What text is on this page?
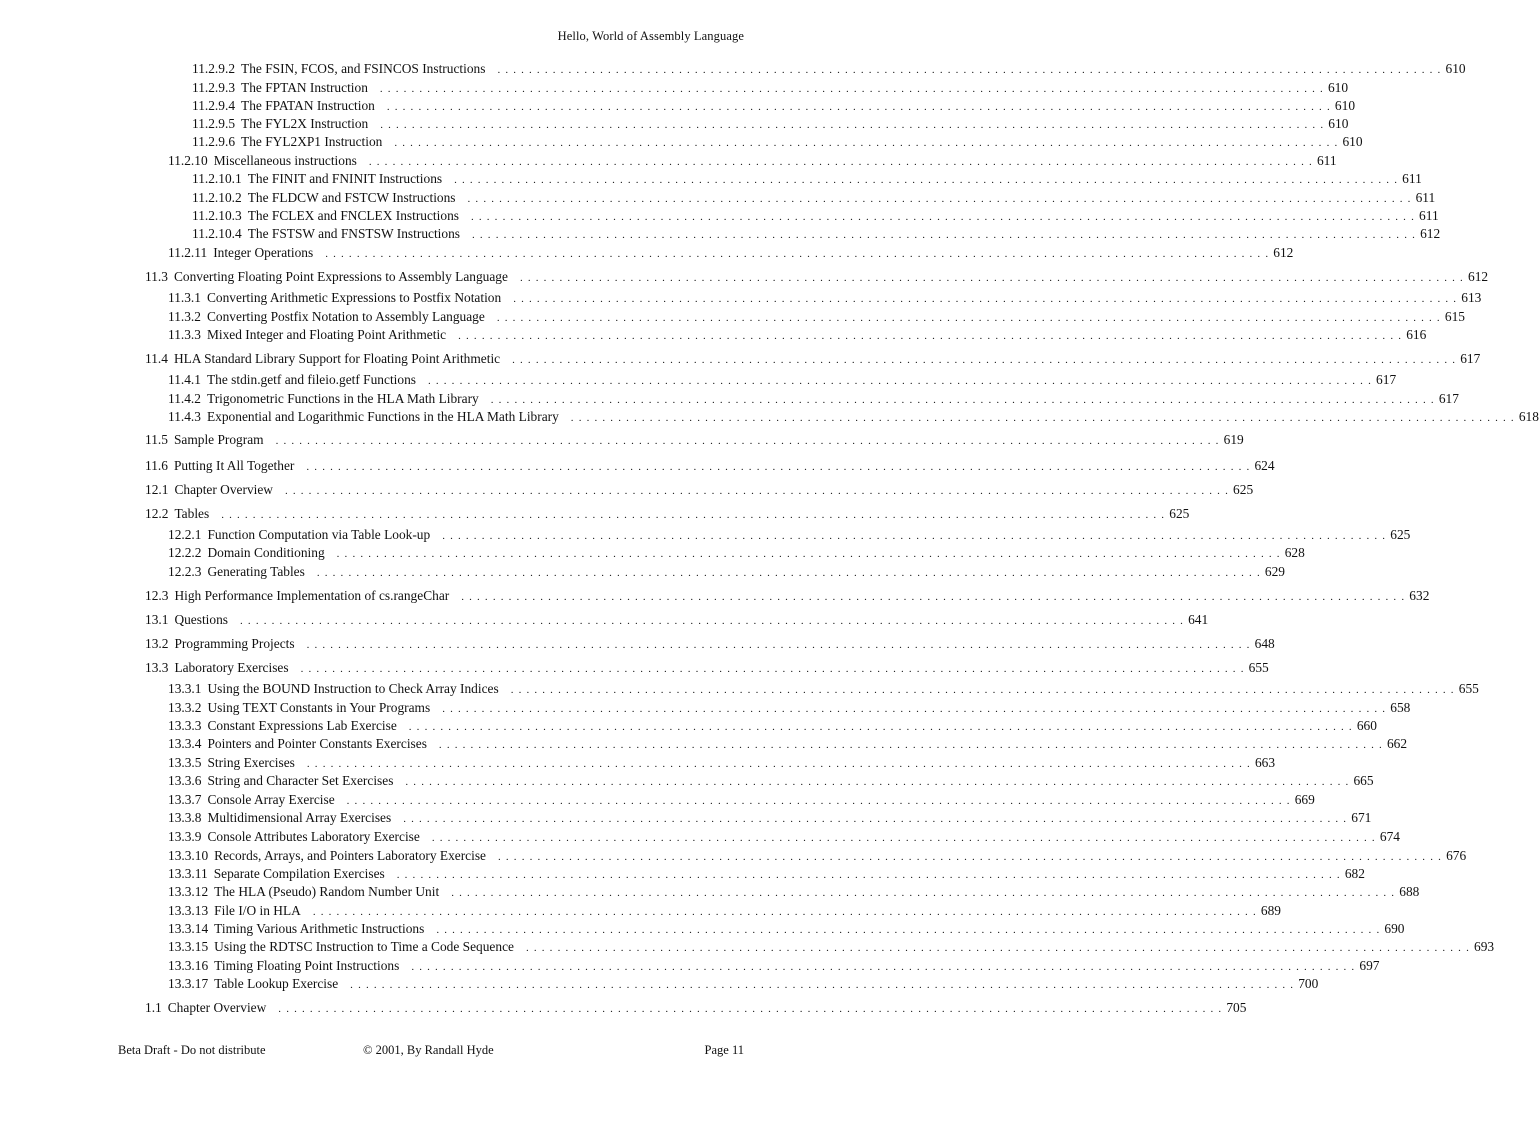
Hello, World of Assembly Language
11.2.9.2 The FSIN, FCOS, and FSINCOS Instructions . . . . . . . . . . . . . . . . . . . . . . . . . . . . . . . . . . . . . . . . . . . . . . . . . . . . . . . . . . . . . . . . . . . . . . . . . . . . . . . . . . . . . . . . . . . . . . . . . . . . . . . . . . . . . . . . . . . . . . . . 610
11.2.9.3 The FPTAN Instruction . . . . . . . . . . . . . . . . . . . . . . . . . . . . . . . . . . . . . . . . . . . . . . . . . . . . . . . . . . . . . . . . . . . . . . . . . . . . . . . . . . . . . . . . . . . . . . . . . . . . . . . . . . . . . . . . . . . . . . . . 610
11.2.9.4 The FPATAN Instruction . . . . . . . . . . . . . . . . . . . . . . . . . . . . . . . . . . . . . . . . . . . . . . . . . . . . . . . . . . . . . . . . . . . . . . . . . . . . . . . . . . . . . . . . . . . . . . . . . . . . . . . . . . . . . . . . . . . . . . . . 610
11.2.9.5 The FYL2X Instruction . . . . . . . . . . . . . . . . . . . . . . . . . . . . . . . . . . . . . . . . . . . . . . . . . . . . . . . . . . . . . . . . . . . . . . . . . . . . . . . . . . . . . . . . . . . . . . . . . . . . . . . . . . . . . . . . . . . . . . . . 610
11.2.9.6 The FYL2XP1 Instruction . . . . . . . . . . . . . . . . . . . . . . . . . . . . . . . . . . . . . . . . . . . . . . . . . . . . . . . . . . . . . . . . . . . . . . . . . . . . . . . . . . . . . . . . . . . . . . . . . . . . . . . . . . . . . . . . . . . . . . . . 610
11.2.10 Miscellaneous instructions . . . . . . . . . . . . . . . . . . . . . . . . . . . . . . . . . . . . . . . . . . . . . . . . . . . . . . . . . . . . . . . . . . . . . . . . . . . . . . . . . . . . . . . . . . . . . . . . . . . . . . . . . . . . . . . . . . . . . . . . 611
11.2.10.1 The FINIT and FNINIT Instructions . . . . . . . . . . . . . . . . . . . . . . . . . . . . . . . . . . . . . . . . . . . . . . . . . . . . . . . . . . . . . . . . . . . . . . . . . . . . . . . . . . . . . . . . . . . . . . . . . . . . . . . . . . . . . . . . . . . . . . . . 611
11.2.10.2 The FLDCW and FSTCW Instructions . . . . . . . . . . . . . . . . . . . . . . . . . . . . . . . . . . . . . . . . . . . . . . . . . . . . . . . . . . . . . . . . . . . . . . . . . . . . . . . . . . . . . . . . . . . . . . . . . . . . . . . . . . . . . . . . . . . . . . . . 611
11.2.10.3 The FCLEX and FNCLEX Instructions . . . . . . . . . . . . . . . . . . . . . . . . . . . . . . . . . . . . . . . . . . . . . . . . . . . . . . . . . . . . . . . . . . . . . . . . . . . . . . . . . . . . . . . . . . . . . . . . . . . . . . . . . . . . . . . . . . . . . . . . 611
11.2.10.4 The FSTSW and FNSTSW Instructions . . . . . . . . . . . . . . . . . . . . . . . . . . . . . . . . . . . . . . . . . . . . . . . . . . . . . . . . . . . . . . . . . . . . . . . . . . . . . . . . . . . . . . . . . . . . . . . . . . . . . . . . . . . . . . . . . . . . . . . . 612
11.2.11 Integer Operations . . . . . . . . . . . . . . . . . . . . . . . . . . . . . . . . . . . . . . . . . . . . . . . . . . . . . . . . . . . . . . . . . . . . . . . . . . . . . . . . . . . . . . . . . . . . . . . . . . . . . . . . . . . . . . . . . . . . . . . . 612
11.3 Converting Floating Point Expressions to Assembly Language . . . . . . . . . . . . . . . . . . . . . . . . . . . . . . . . . . . . . . . . . . . . . . . . . . . . . . . . . . . . . . . . . . . . . . . . . . . . . . . . . . . . . . . . . . . . . . . . . . . . . . . . . . . . . . . . . . . . . . . . 612
11.3.1 Converting Arithmetic Expressions to Postfix Notation . . . . . . . . . . . . . . . . . . . . . . . . . . . . . . . . . . . . . . . . . . . . . . . . . . . . . . . . . . . . . . . . . . . . . . . . . . . . . . . . . . . . . . . . . . . . . . . . . . . . . . . . . . . . . . . . . . . . . . . . 613
11.3.2 Converting Postfix Notation to Assembly Language . . . . . . . . . . . . . . . . . . . . . . . . . . . . . . . . . . . . . . . . . . . . . . . . . . . . . . . . . . . . . . . . . . . . . . . . . . . . . . . . . . . . . . . . . . . . . . . . . . . . . . . . . . . . . . . . . . . . . . . . 615
11.3.3 Mixed Integer and Floating Point Arithmetic . . . . . . . . . . . . . . . . . . . . . . . . . . . . . . . . . . . . . . . . . . . . . . . . . . . . . . . . . . . . . . . . . . . . . . . . . . . . . . . . . . . . . . . . . . . . . . . . . . . . . . . . . . . . . . . . . . . . . . . . 616
11.4 HLA Standard Library Support for Floating Point Arithmetic . . . . . . . . . . . . . . . . . . . . . . . . . . . . . . . . . . . . . . . . . . . . . . . . . . . . . . . . . . . . . . . . . . . . . . . . . . . . . . . . . . . . . . . . . . . . . . . . . . . . . . . . . . . . . . . . . . . . . . . . 617
11.4.1 The stdin.getf and fileio.getf Functions . . . . . . . . . . . . . . . . . . . . . . . . . . . . . . . . . . . . . . . . . . . . . . . . . . . . . . . . . . . . . . . . . . . . . . . . . . . . . . . . . . . . . . . . . . . . . . . . . . . . . . . . . . . . . . . . . . . . . . . . 617
11.4.2 Trigonometric Functions in the HLA Math Library . . . . . . . . . . . . . . . . . . . . . . . . . . . . . . . . . . . . . . . . . . . . . . . . . . . . . . . . . . . . . . . . . . . . . . . . . . . . . . . . . . . . . . . . . . . . . . . . . . . . . . . . . . . . . . . . . . . . . . . . 617
11.4.3 Exponential and Logarithmic Functions in the HLA Math Library . . . . . . . . . . . . . . . . . . . . . . . . . . . . . . . . . . . . . . . . . . . . . . . . . . . . . . . . . . . . . . . . . . . . . . . . . . . . . . . . . . . . . . . . . . . . . . . . . . . . . . . . . . . . . . . . . . . . . . . . 618
11.5 Sample Program . . . . . . . . . . . . . . . . . . . . . . . . . . . . . . . . . . . . . . . . . . . . . . . . . . . . . . . . . . . . . . . . . . . . . . . . . . . . . . . . . . . . . . . . . . . . . . . . . . . . . . . . . . . . . . . . . . . . . . . . 619
11.6 Putting It All Together . . . . . . . . . . . . . . . . . . . . . . . . . . . . . . . . . . . . . . . . . . . . . . . . . . . . . . . . . . . . . . . . . . . . . . . . . . . . . . . . . . . . . . . . . . . . . . . . . . . . . . . . . . . . . . . . . . . . . . . . 624
12.1 Chapter Overview . . . . . . . . . . . . . . . . . . . . . . . . . . . . . . . . . . . . . . . . . . . . . . . . . . . . . . . . . . . . . . . . . . . . . . . . . . . . . . . . . . . . . . . . . . . . . . . . . . . . . . . . . . . . . . . . . . . . . . . . 625
12.2 Tables . . . . . . . . . . . . . . . . . . . . . . . . . . . . . . . . . . . . . . . . . . . . . . . . . . . . . . . . . . . . . . . . . . . . . . . . . . . . . . . . . . . . . . . . . . . . . . . . . . . . . . . . . . . . . . . . . . . . . . . . 625
12.2.1 Function Computation via Table Look-up . . . . . . . . . . . . . . . . . . . . . . . . . . . . . . . . . . . . . . . . . . . . . . . . . . . . . . . . . . . . . . . . . . . . . . . . . . . . . . . . . . . . . . . . . . . . . . . . . . . . . . . . . . . . . . . . . . . . . . . . 625
12.2.2 Domain Conditioning . . . . . . . . . . . . . . . . . . . . . . . . . . . . . . . . . . . . . . . . . . . . . . . . . . . . . . . . . . . . . . . . . . . . . . . . . . . . . . . . . . . . . . . . . . . . . . . . . . . . . . . . . . . . . . . . . . . . . . . . 628
12.2.3 Generating Tables . . . . . . . . . . . . . . . . . . . . . . . . . . . . . . . . . . . . . . . . . . . . . . . . . . . . . . . . . . . . . . . . . . . . . . . . . . . . . . . . . . . . . . . . . . . . . . . . . . . . . . . . . . . . . . . . . . . . . . . . 629
12.3 High Performance Implementation of cs.rangeChar . . . . . . . . . . . . . . . . . . . . . . . . . . . . . . . . . . . . . . . . . . . . . . . . . . . . . . . . . . . . . . . . . . . . . . . . . . . . . . . . . . . . . . . . . . . . . . . . . . . . . . . . . . . . . . . . . . . . . . . . 632
13.1 Questions . . . . . . . . . . . . . . . . . . . . . . . . . . . . . . . . . . . . . . . . . . . . . . . . . . . . . . . . . . . . . . . . . . . . . . . . . . . . . . . . . . . . . . . . . . . . . . . . . . . . . . . . . . . . . . . . . . . . . . . . 641
13.2 Programming Projects . . . . . . . . . . . . . . . . . . . . . . . . . . . . . . . . . . . . . . . . . . . . . . . . . . . . . . . . . . . . . . . . . . . . . . . . . . . . . . . . . . . . . . . . . . . . . . . . . . . . . . . . . . . . . . . . . . . . . . . . 648
13.3 Laboratory Exercises . . . . . . . . . . . . . . . . . . . . . . . . . . . . . . . . . . . . . . . . . . . . . . . . . . . . . . . . . . . . . . . . . . . . . . . . . . . . . . . . . . . . . . . . . . . . . . . . . . . . . . . . . . . . . . . . . . . . . . . . 655
13.3.1 Using the BOUND Instruction to Check Array Indices . . . . . . . . . . . . . . . . . . . . . . . . . . . . . . . . . . . . . . . . . . . . . . . . . . . . . . . . . . . . . . . . . . . . . . . . . . . . . . . . . . . . . . . . . . . . . . . . . . . . . . . . . . . . . . . . . . . . . . . . 655
13.3.2 Using TEXT Constants in Your Programs . . . . . . . . . . . . . . . . . . . . . . . . . . . . . . . . . . . . . . . . . . . . . . . . . . . . . . . . . . . . . . . . . . . . . . . . . . . . . . . . . . . . . . . . . . . . . . . . . . . . . . . . . . . . . . . . . . . . . . . . 658
13.3.3 Constant Expressions Lab Exercise . . . . . . . . . . . . . . . . . . . . . . . . . . . . . . . . . . . . . . . . . . . . . . . . . . . . . . . . . . . . . . . . . . . . . . . . . . . . . . . . . . . . . . . . . . . . . . . . . . . . . . . . . . . . . . . . . . . . . . . . 660
13.3.4 Pointers and Pointer Constants Exercises . . . . . . . . . . . . . . . . . . . . . . . . . . . . . . . . . . . . . . . . . . . . . . . . . . . . . . . . . . . . . . . . . . . . . . . . . . . . . . . . . . . . . . . . . . . . . . . . . . . . . . . . . . . . . . . . . . . . . . . . 662
13.3.5 String Exercises . . . . . . . . . . . . . . . . . . . . . . . . . . . . . . . . . . . . . . . . . . . . . . . . . . . . . . . . . . . . . . . . . . . . . . . . . . . . . . . . . . . . . . . . . . . . . . . . . . . . . . . . . . . . . . . . . . . . . . . . 663
13.3.6 String and Character Set Exercises . . . . . . . . . . . . . . . . . . . . . . . . . . . . . . . . . . . . . . . . . . . . . . . . . . . . . . . . . . . . . . . . . . . . . . . . . . . . . . . . . . . . . . . . . . . . . . . . . . . . . . . . . . . . . . . . . . . . . . . . 665
13.3.7 Console Array Exercise . . . . . . . . . . . . . . . . . . . . . . . . . . . . . . . . . . . . . . . . . . . . . . . . . . . . . . . . . . . . . . . . . . . . . . . . . . . . . . . . . . . . . . . . . . . . . . . . . . . . . . . . . . . . . . . . . . . . . . . . 669
13.3.8 Multidimensional Array Exercises . . . . . . . . . . . . . . . . . . . . . . . . . . . . . . . . . . . . . . . . . . . . . . . . . . . . . . . . . . . . . . . . . . . . . . . . . . . . . . . . . . . . . . . . . . . . . . . . . . . . . . . . . . . . . . . . . . . . . . . . 671
13.3.9 Console Attributes Laboratory Exercise . . . . . . . . . . . . . . . . . . . . . . . . . . . . . . . . . . . . . . . . . . . . . . . . . . . . . . . . . . . . . . . . . . . . . . . . . . . . . . . . . . . . . . . . . . . . . . . . . . . . . . . . . . . . . . . . . . . . . . . . 674
13.3.10 Records, Arrays, and Pointers Laboratory Exercise . . . . . . . . . . . . . . . . . . . . . . . . . . . . . . . . . . . . . . . . . . . . . . . . . . . . . . . . . . . . . . . . . . . . . . . . . . . . . . . . . . . . . . . . . . . . . . . . . . . . . . . . . . . . . . . . . . . . . . . . 676
13.3.11 Separate Compilation Exercises . . . . . . . . . . . . . . . . . . . . . . . . . . . . . . . . . . . . . . . . . . . . . . . . . . . . . . . . . . . . . . . . . . . . . . . . . . . . . . . . . . . . . . . . . . . . . . . . . . . . . . . . . . . . . . . . . . . . . . . . 682
13.3.12 The HLA (Pseudo) Random Number Unit . . . . . . . . . . . . . . . . . . . . . . . . . . . . . . . . . . . . . . . . . . . . . . . . . . . . . . . . . . . . . . . . . . . . . . . . . . . . . . . . . . . . . . . . . . . . . . . . . . . . . . . . . . . . . . . . . . . . . . . . 688
13.3.13 File I/O in HLA . . . . . . . . . . . . . . . . . . . . . . . . . . . . . . . . . . . . . . . . . . . . . . . . . . . . . . . . . . . . . . . . . . . . . . . . . . . . . . . . . . . . . . . . . . . . . . . . . . . . . . . . . . . . . . . . . . . . . . . . 689
13.3.14 Timing Various Arithmetic Instructions . . . . . . . . . . . . . . . . . . . . . . . . . . . . . . . . . . . . . . . . . . . . . . . . . . . . . . . . . . . . . . . . . . . . . . . . . . . . . . . . . . . . . . . . . . . . . . . . . . . . . . . . . . . . . . . . . . . . . . . . 690
13.3.15 Using the RDTSC Instruction to Time a Code Sequence . . . . . . . . . . . . . . . . . . . . . . . . . . . . . . . . . . . . . . . . . . . . . . . . . . . . . . . . . . . . . . . . . . . . . . . . . . . . . . . . . . . . . . . . . . . . . . . . . . . . . . . . . . . . . . . . . . . . . . . . 693
13.3.16 Timing Floating Point Instructions . . . . . . . . . . . . . . . . . . . . . . . . . . . . . . . . . . . . . . . . . . . . . . . . . . . . . . . . . . . . . . . . . . . . . . . . . . . . . . . . . . . . . . . . . . . . . . . . . . . . . . . . . . . . . . . . . . . . . . . . 697
13.3.17 Table Lookup Exercise . . . . . . . . . . . . . . . . . . . . . . . . . . . . . . . . . . . . . . . . . . . . . . . . . . . . . . . . . . . . . . . . . . . . . . . . . . . . . . . . . . . . . . . . . . . . . . . . . . . . . . . . . . . . . . . . . . . . . . . . 700
1.1 Chapter Overview . . . . . . . . . . . . . . . . . . . . . . . . . . . . . . . . . . . . . . . . . . . . . . . . . . . . . . . . . . . . . . . . . . . . . . . . . . . . . . . . . . . . . . . . . . . . . . . . . . . . . . . . . . . . . . . . . . . . . . . . 705
Beta Draft - Do not distribute	© 2001, By Randall Hyde	Page 11
